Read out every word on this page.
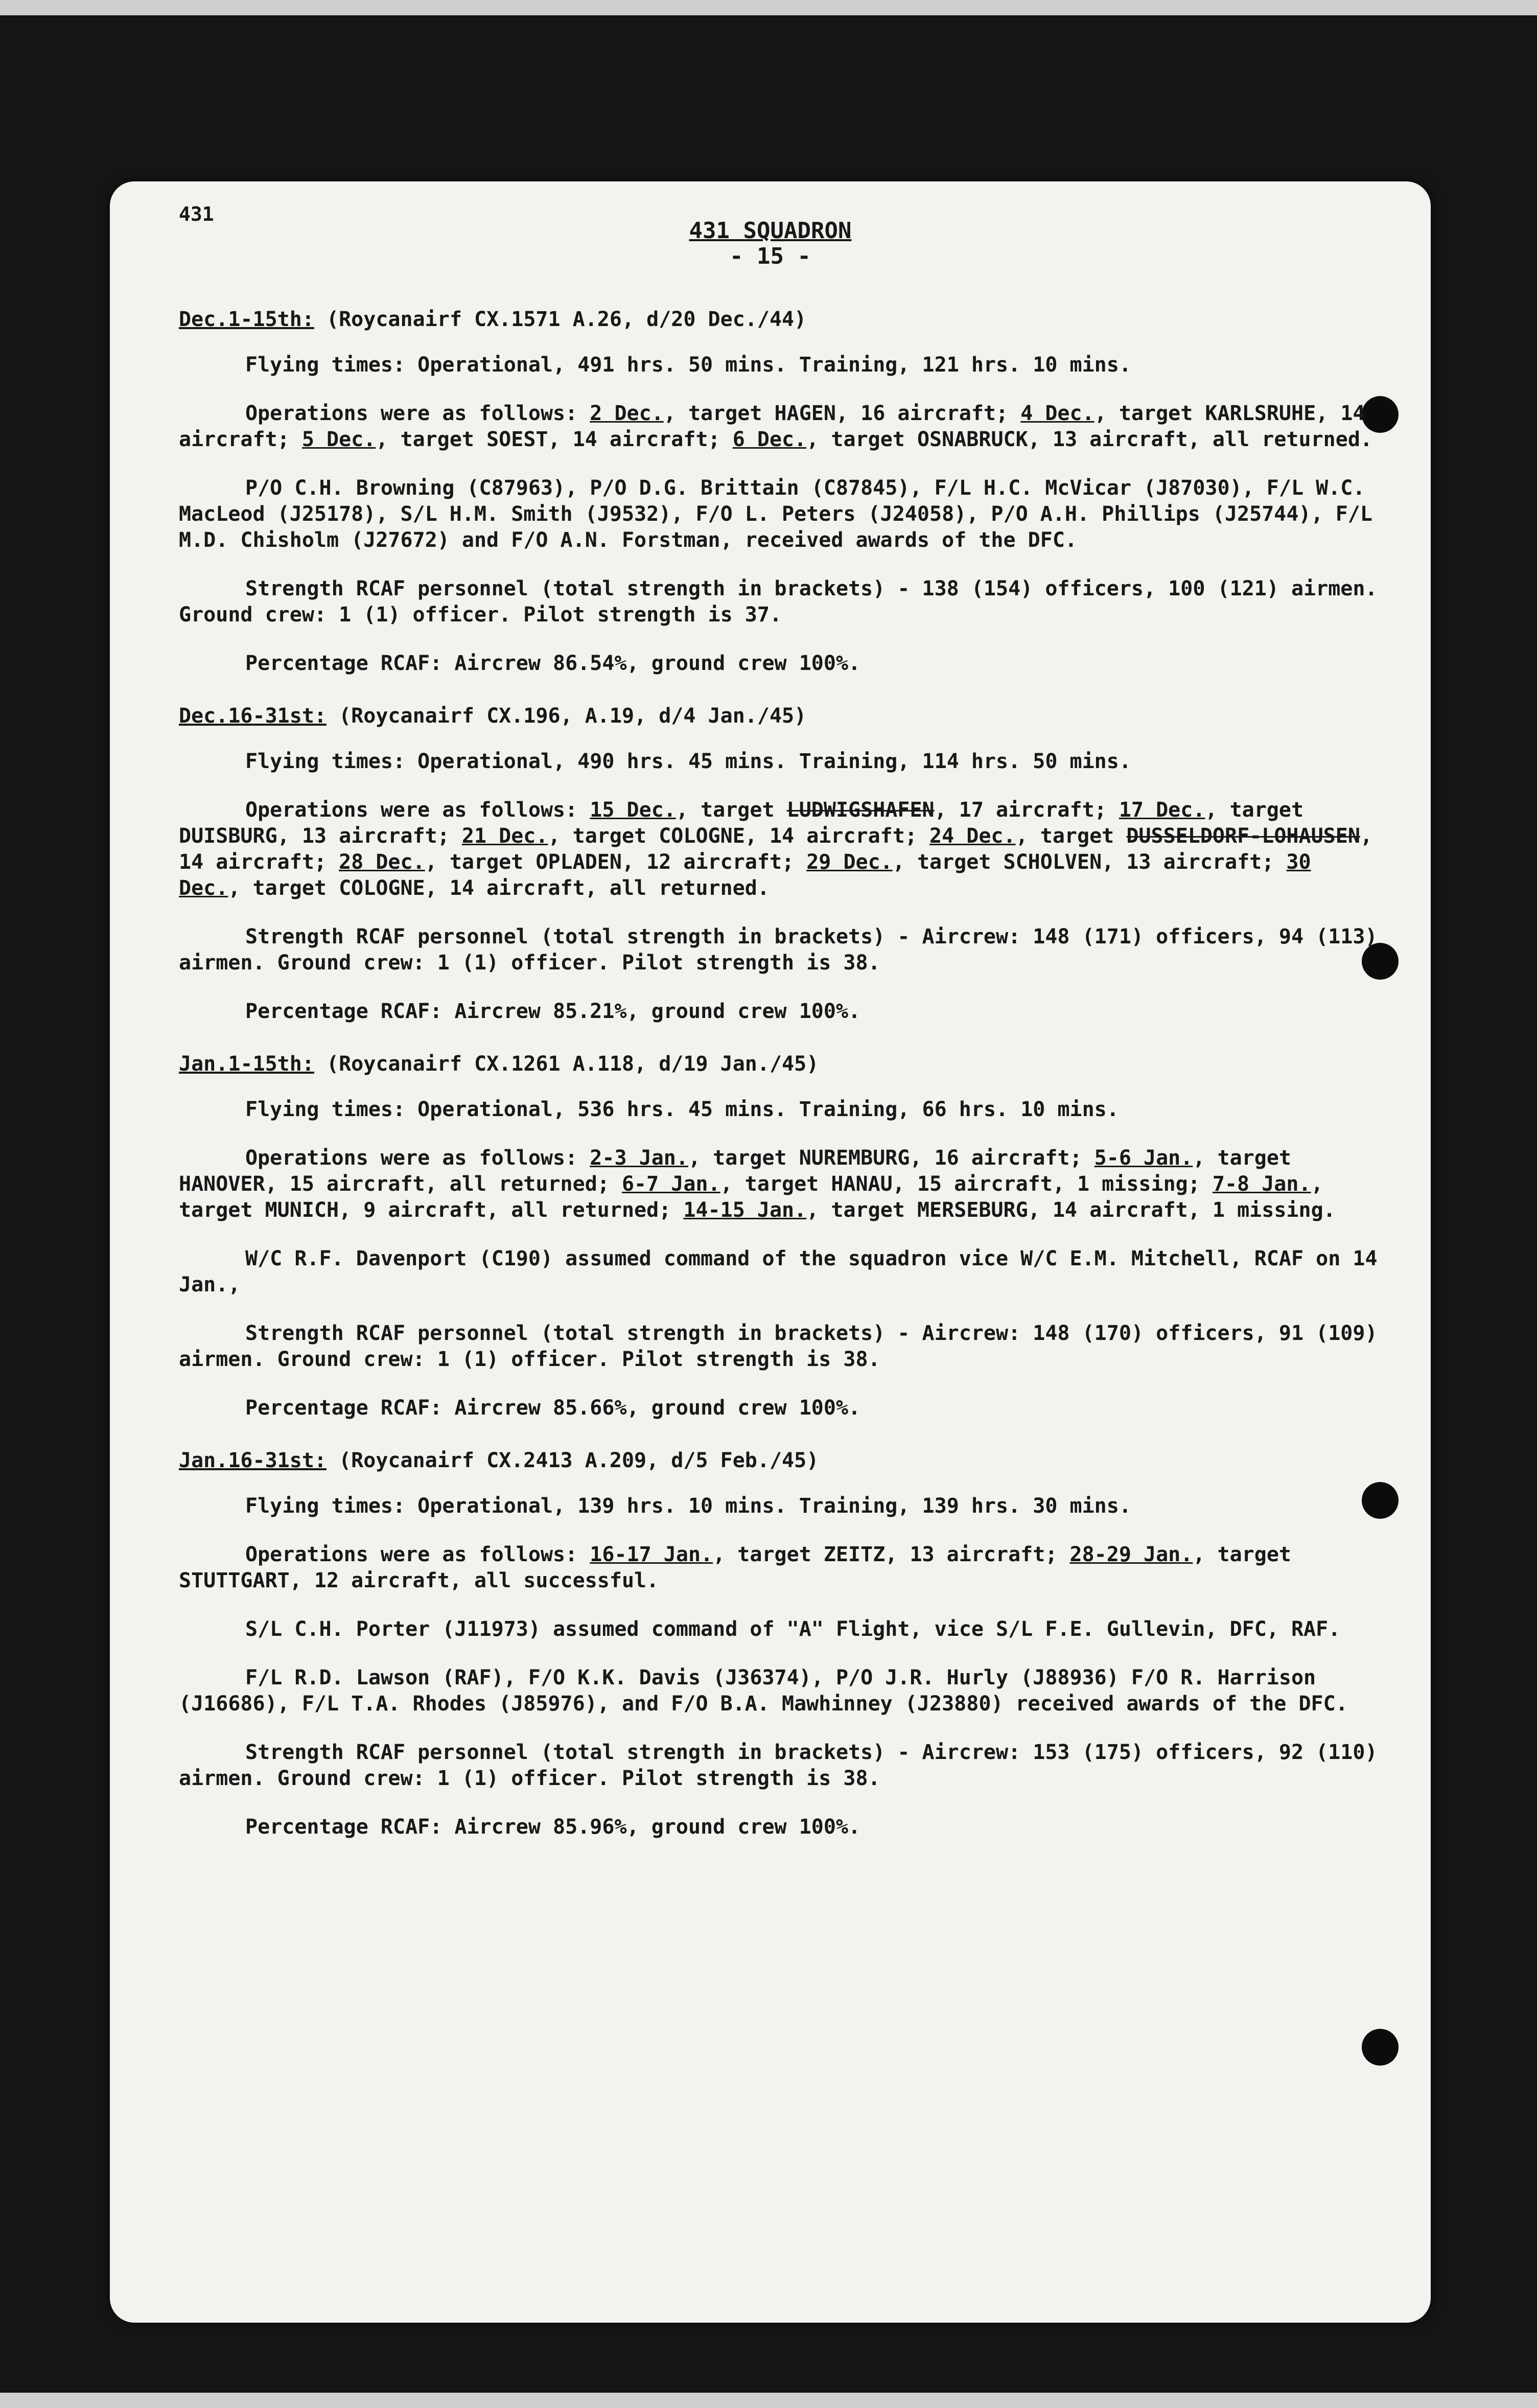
431
431 SQUADRON
- 15 -
Dec.1-15th: (Roycanairf CX.1571 A.26, d/20 Dec./44)
Flying times: Operational, 491 hrs. 50 mins. Training, 121 hrs. 10 mins.
Operations were as follows: 2 Dec., target HAGEN, 16 aircraft; 4 Dec., target KARLSRUHE, 14 aircraft; 5 Dec., target SOEST, 14 aircraft; 6 Dec., target OSNABRUCK, 13 aircraft, all returned.
P/O C.H. Browning (C87963), P/O D.G. Brittain (C87845), F/L H.C. McVicar (J87030), F/L W.C. MacLeod (J25178), S/L H.M. Smith (J9532), F/O L. Peters (J24058), P/O A.H. Phillips (J25744), F/L M.D. Chisholm (J27672) and F/O A.N. Forstman, received awards of the DFC.
Strength RCAF personnel (total strength in brackets) - 138 (154) officers, 100 (121) airmen. Ground crew: 1 (1) officer. Pilot strength is 37.
Percentage RCAF: Aircrew 86.54%, ground crew 100%.
Dec.16-31st: (Roycanairf CX.196, A.19, d/4 Jan./45)
Flying times: Operational, 490 hrs. 45 mins. Training, 114 hrs. 50 mins.
Operations were as follows: 15 Dec., target LUDWIGSHAFEN, 17 aircraft; 17 Dec., target DUISBURG, 13 aircraft; 21 Dec., target COLOGNE, 14 aircraft; 24 Dec., target DUSSELDORF-LOHAUSEN, 14 aircraft; 28 Dec., target OPLADEN, 12 aircraft; 29 Dec., target SCHOLVEN, 13 aircraft; 30 Dec., target COLOGNE, 14 aircraft, all returned.
Strength RCAF personnel (total strength in brackets) - Aircrew: 148 (171) officers, 94 (113) airmen. Ground crew: 1 (1) officer. Pilot strength is 38.
Percentage RCAF: Aircrew 85.21%, ground crew 100%.
Jan.1-15th: (Roycanairf CX.1261 A.118, d/19 Jan./45)
Flying times: Operational, 536 hrs. 45 mins. Training, 66 hrs. 10 mins.
Operations were as follows: 2-3 Jan., target NUREMBURG, 16 aircraft; 5-6 Jan., target HANOVER, 15 aircraft, all returned; 6-7 Jan., target HANAU, 15 aircraft, 1 missing; 7-8 Jan., target MUNICH, 9 aircraft, all returned; 14-15 Jan., target MERSEBURG, 14 aircraft, 1 missing.
W/C R.F. Davenport (C190) assumed command of the squadron vice W/C E.M. Mitchell, RCAF on 14 Jan.,
Strength RCAF personnel (total strength in brackets) - Aircrew: 148 (170) officers, 91 (109) airmen. Ground crew: 1 (1) officer. Pilot strength is 38.
Percentage RCAF: Aircrew 85.66%, ground crew 100%.
Jan.16-31st: (Roycanairf CX.2413 A.209, d/5 Feb./45)
Flying times: Operational, 139 hrs. 10 mins. Training, 139 hrs. 30 mins.
Operations were as follows: 16-17 Jan., target ZEITZ, 13 aircraft; 28-29 Jan., target STUTTGART, 12 aircraft, all successful.
S/L C.H. Porter (J11973) assumed command of "A" Flight, vice S/L F.E. Gullevin, DFC, RAF.
F/L R.D. Lawson (RAF), F/O K.K. Davis (J36374), P/O J.R. Hurly (J88936) F/O R. Harrison (J16686), F/L T.A. Rhodes (J85976), and F/O B.A. Mawhinney (J23880) received awards of the DFC.
Strength RCAF personnel (total strength in brackets) - Aircrew: 153 (175) officers, 92 (110) airmen. Ground crew: 1 (1) officer. Pilot strength is 38.
Percentage RCAF: Aircrew 85.96%, ground crew 100%.
